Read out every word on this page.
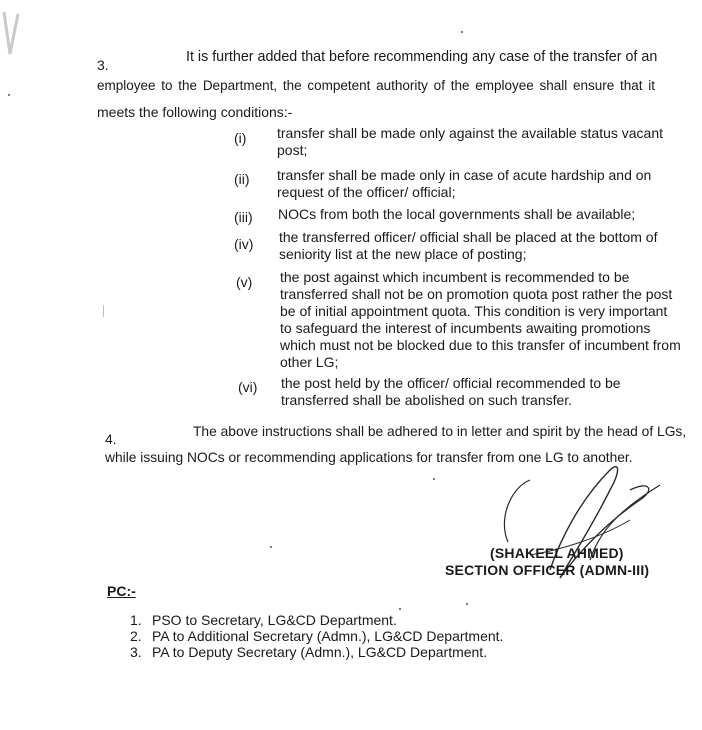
3.	It is further added that before recommending any case of the transfer of an
employee to the Department, the competent authority of the employee shall ensure that it
meets the following conditions:-
(i) transfer shall be made only against the available status vacant post;
(ii) transfer shall be made only in case of acute hardship and on request of the officer/ official;
(iii) NOCs from both the local governments shall be available;
(iv) the transferred officer/ official shall be placed at the bottom of seniority list at the new place of posting;
(v) the post against which incumbent is recommended to be transferred shall not be on promotion quota post rather the post be of initial appointment quota. This condition is very important to safeguard the interest of incumbents awaiting promotions which must not be blocked due to this transfer of incumbent from other LG;
(vi) the post held by the officer/ official recommended to be transferred shall be abolished on such transfer.
4.	The above instructions shall be adhered to in letter and spirit by the head of LGs,
while issuing NOCs or recommending applications for transfer from one LG to another.
(SHAKEEL AHMED)
SECTION OFFICER (ADMN-III)
PC:-
1. PSO to Secretary, LG&CD Department.
2. PA to Additional Secretary (Admn.), LG&CD Department.
3. PA to Deputy Secretary (Admn.), LG&CD Department.
